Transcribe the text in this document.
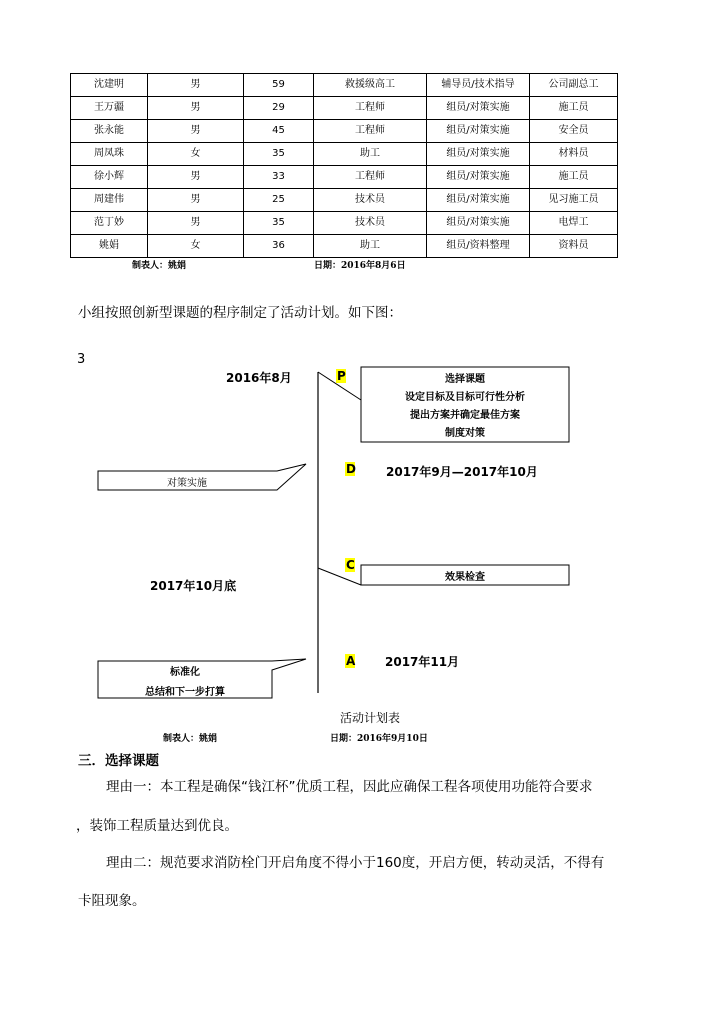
沈建明	男	59	救援级高工	辅导员/技术指导	公司副总工
王万疆	男	29	工程师	组员/对策实施	施工员
张永能	男	45	工程师	组员/对策实施	安全员
周凤珠	女	35	助工	组员/对策实施	材料员
徐小辉	男	33	工程师	组员/对策实施	施工员
周建伟	男	25	技术员	组员/对策实施	见习施工员
范丁妙	男	35	技术员	组员/对策实施	电焊工
姚娟	女	36	助工	组员/资料整理	资料员
制表人：姚娟	日期：2016年8月6日
小组按照创新型课题的程序制定了活动计划。如下图：
3
P
D
C
A
2016年8月
2017年9月—2017年10月
2017年10月底
2017年11月
选择课题
设定目标及目标可行性分析
提出方案并确定最佳方案
制度对策
对策实施
效果检查
标准化
总结和下一步打算
活动计划表
制表人：姚娟	日期：2016年9月10日
三．选择课题
理由一：本工程是确保“钱江杯”优质工程，因此应确保工程各项使用功能符合要求
，装饰工程质量达到优良。
理由二：规范要求消防栓门开启角度不得小于160度，开启方便，转动灵活，不得有
卡阻现象。
